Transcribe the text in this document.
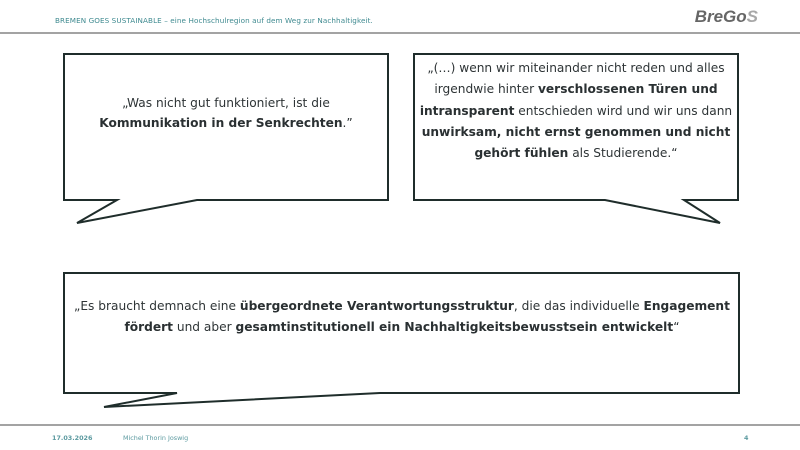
BREMEN GOES SUSTAINABLE – eine Hochschulregion auf dem Weg zur Nachhaltigkeit.	BreGoS
„Was nicht gut funktioniert, ist die
Kommunikation in der Senkrechten.”
„(…) wenn wir miteinander nicht reden und alles irgendwie hinter verschlossenen Türen und intransparent entschieden wird und wir uns dann unwirksam, nicht ernst genommen und nicht gehört fühlen als Studierende.“
„Es braucht demnach eine übergeordnete Verantwortungsstruktur, die das individuelle Engagement fördert und aber gesamtinstitutionell ein Nachhaltigkeitsbewusstsein entwickelt“
17.03.2026	Michel Thorin Joswig	4
